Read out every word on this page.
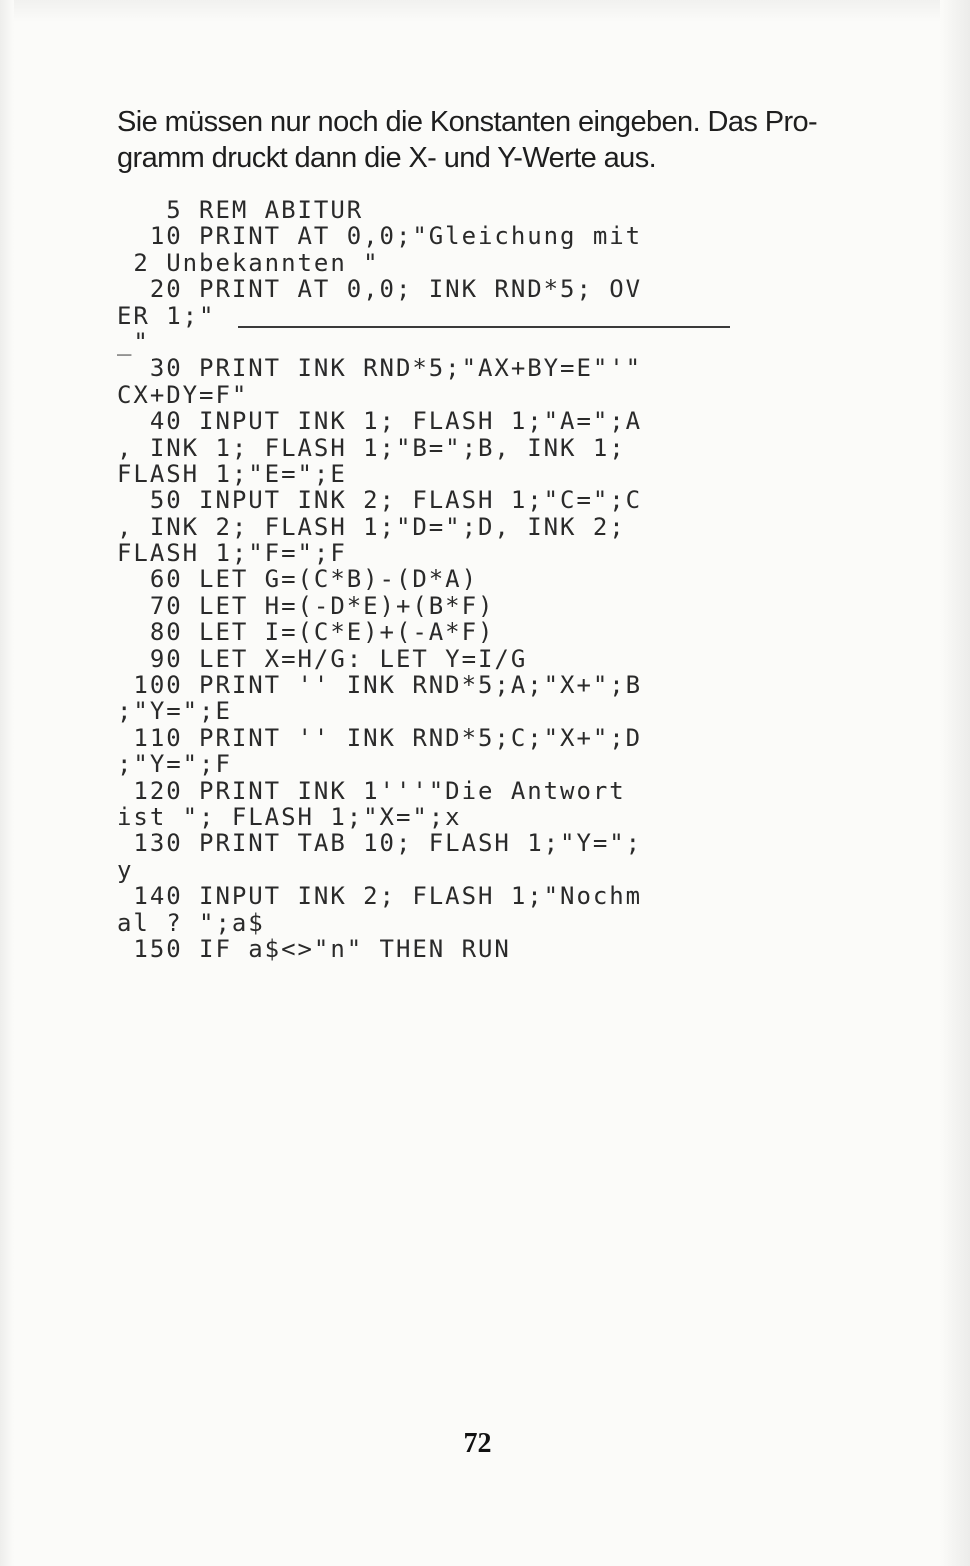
Sie müssen nur noch die Konstanten eingeben. Das Pro-
gramm druckt dann die X- und Y-Werte aus.

5 REM ABITUR
10 PRINT AT 0,0;"Gleichung mit
2 Unbekannten "
20 PRINT AT 0,0; INK RND*5; OV
ER 1;"
_"
30 PRINT INK RND*5;"AX+BY=E"'"
CX+DY=F"
40 INPUT INK 1; FLASH 1;"A=";A
, INK 1; FLASH 1;"B=";B, INK 1;
FLASH 1;"E=";E
50 INPUT INK 2; FLASH 1;"C=";C
, INK 2; FLASH 1;"D=";D, INK 2;
FLASH 1;"F=";F
60 LET G=(C*B)-(D*A)
70 LET H=(-D*E)+(B*F)
80 LET I=(C*E)+(-A*F)
90 LET X=H/G: LET Y=I/G
100 PRINT '' INK RND*5;A;"X+";B
;"Y=";E
110 PRINT '' INK RND*5;C;"X+";D
;"Y=";F
120 PRINT INK 1'''"Die Antwort
ist "; FLASH 1;"X=";x
130 PRINT TAB 10; FLASH 1;"Y=";
y
140 INPUT INK 2; FLASH 1;"Nochm
al ? ";a$
150 IF a$<>"n" THEN RUN
72
